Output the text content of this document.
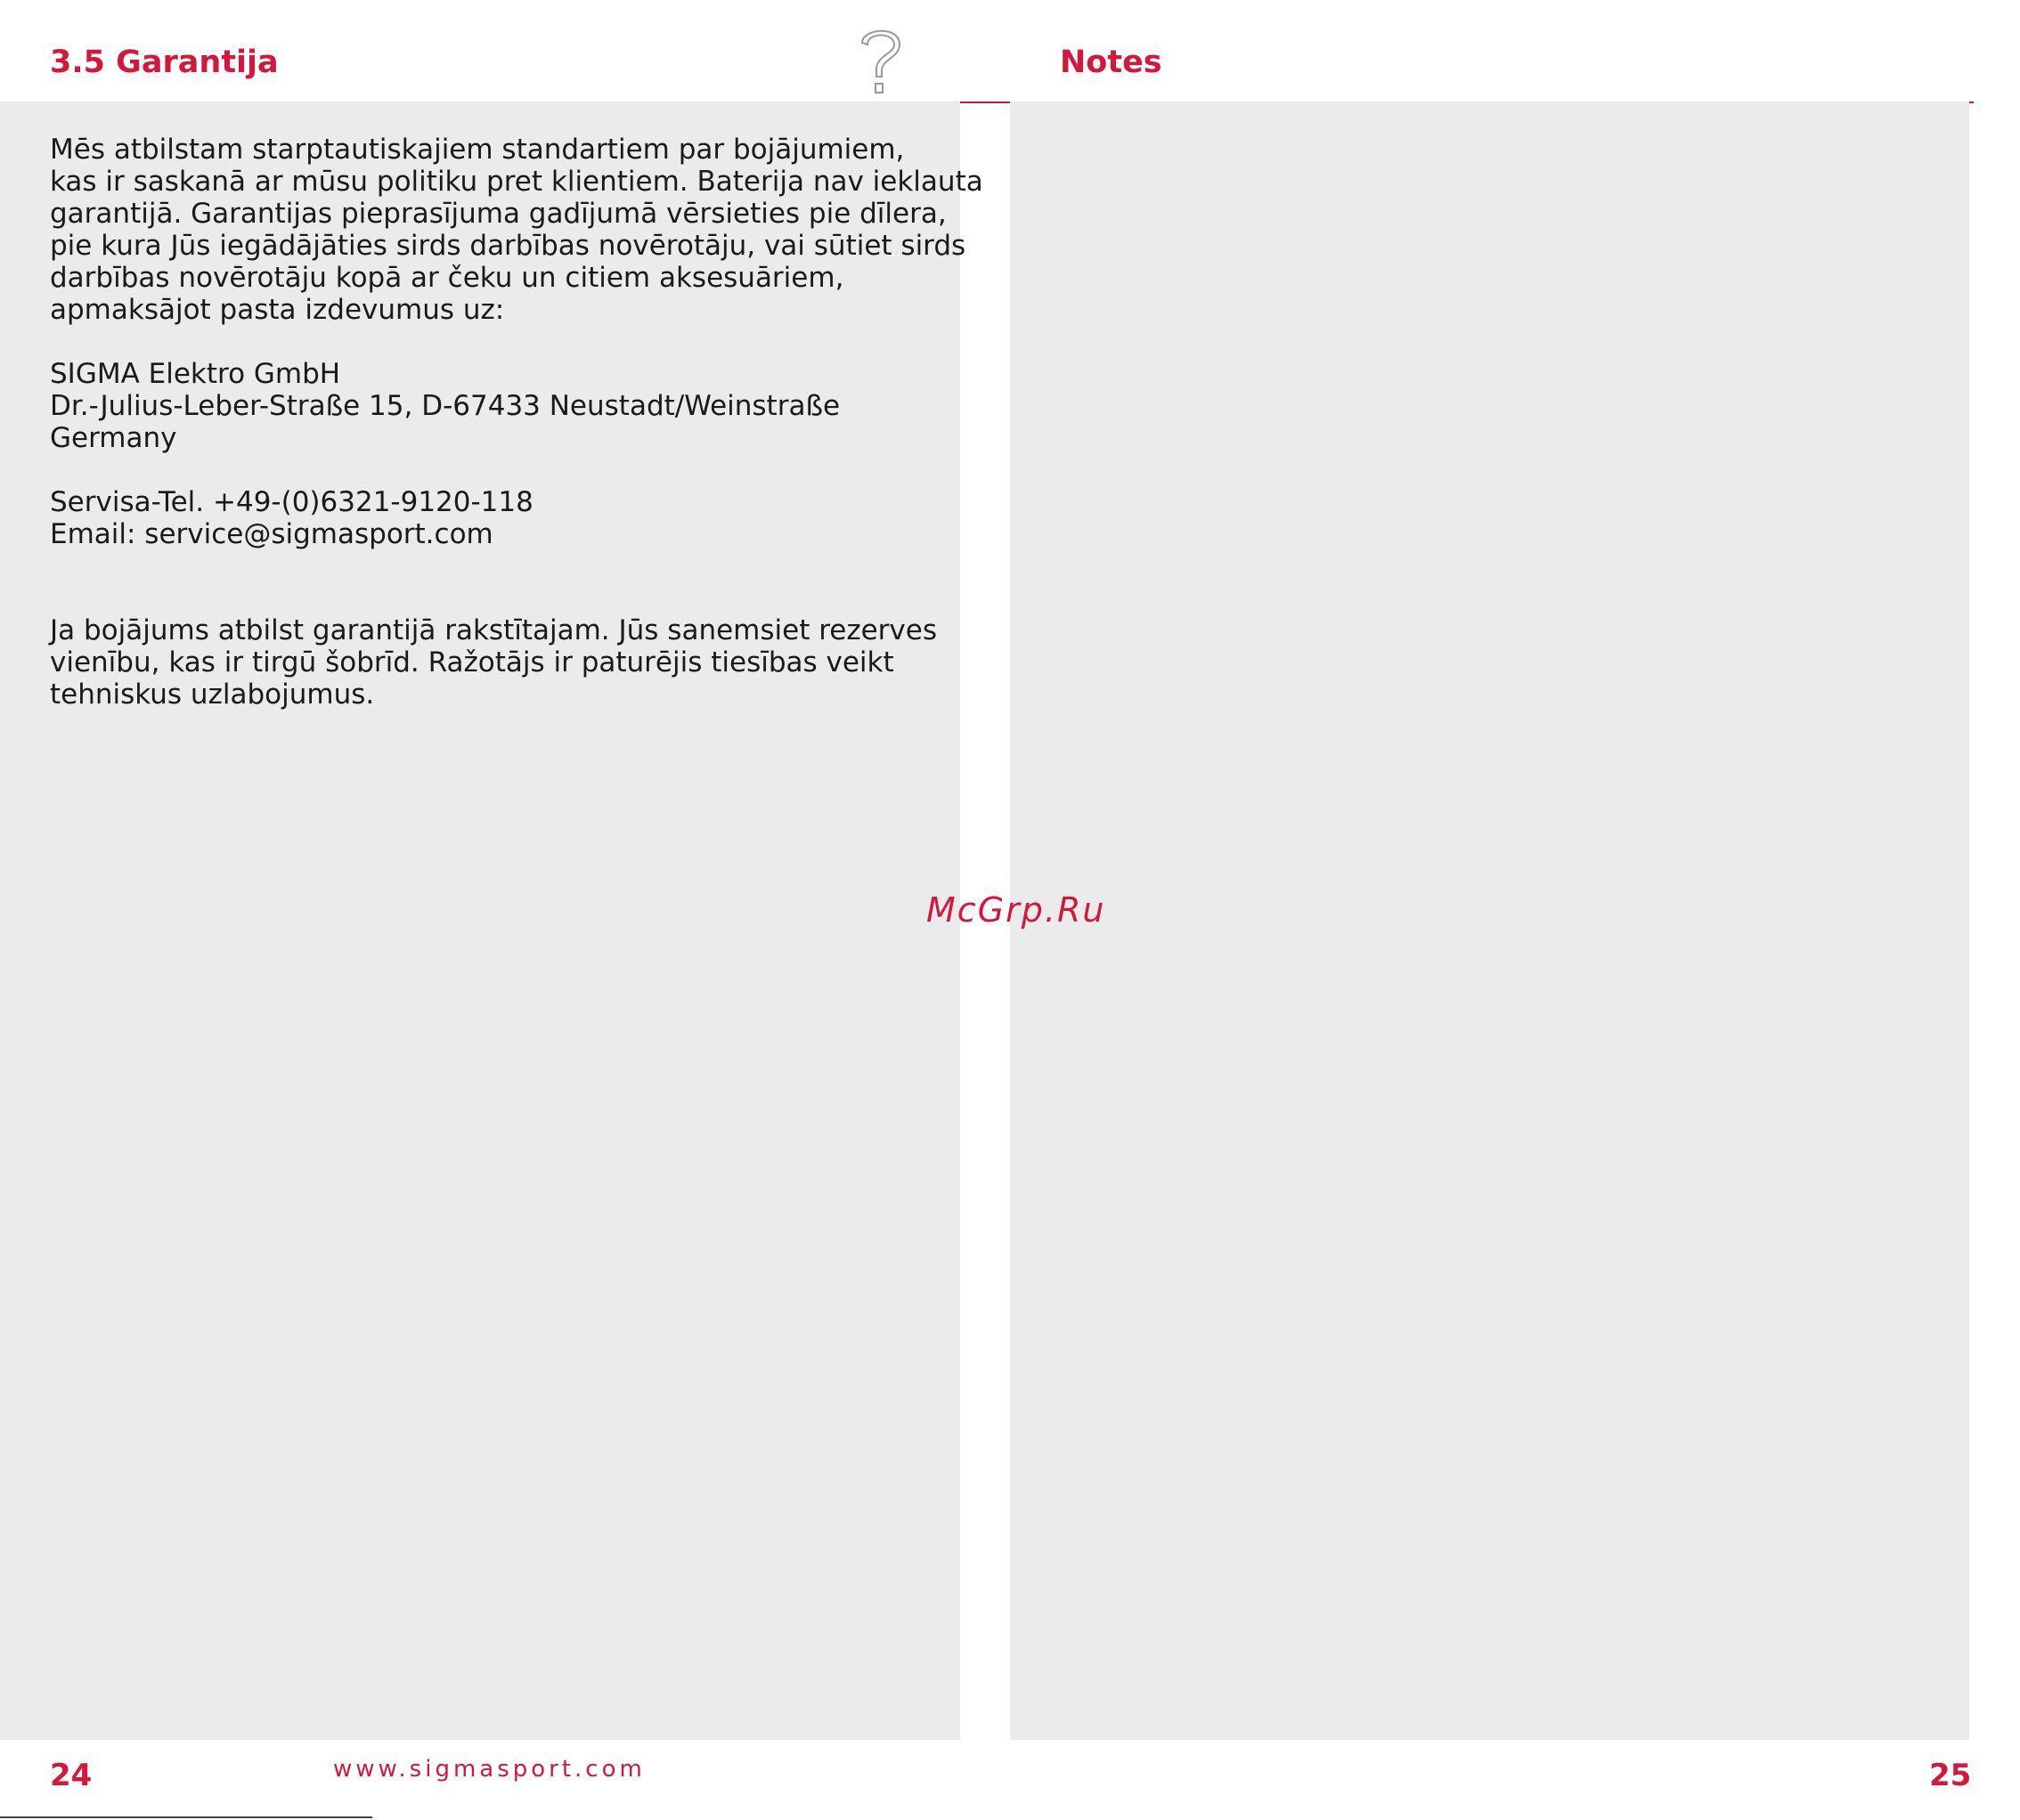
3.5 Garantija	Notes
Mēs atbilstam starptautiskajiem standartiem par bojājumiem,
kas ir saskanā ar mūsu politiku pret klientiem. Baterija nav ieklauta
garantijā. Garantijas pieprasījuma gadījumā vērsieties pie dīlera,
pie kura Jūs iegādājāties sirds darbības novērotāju, vai sūtiet sirds
darbības novērotāju kopā ar čeku un citiem aksesuāriem,
apmaksājot pasta izdevumus uz:
SIGMA Elektro GmbH
Dr.-Julius-Leber-Straße 15, D-67433 Neustadt/Weinstraße
Germany
Servisa-Tel. +49-(0)6321-9120-118
Email: service@sigmasport.com
Ja bojājums atbilst garantijā rakstītajam. Jūs sanemsiet rezerves
vienību, kas ir tirgū šobrīd. Ražotājs ir paturējis tiesības veikt
tehniskus uzlabojumus.
McGrp.Ru
24	www.sigmasport.com	25
